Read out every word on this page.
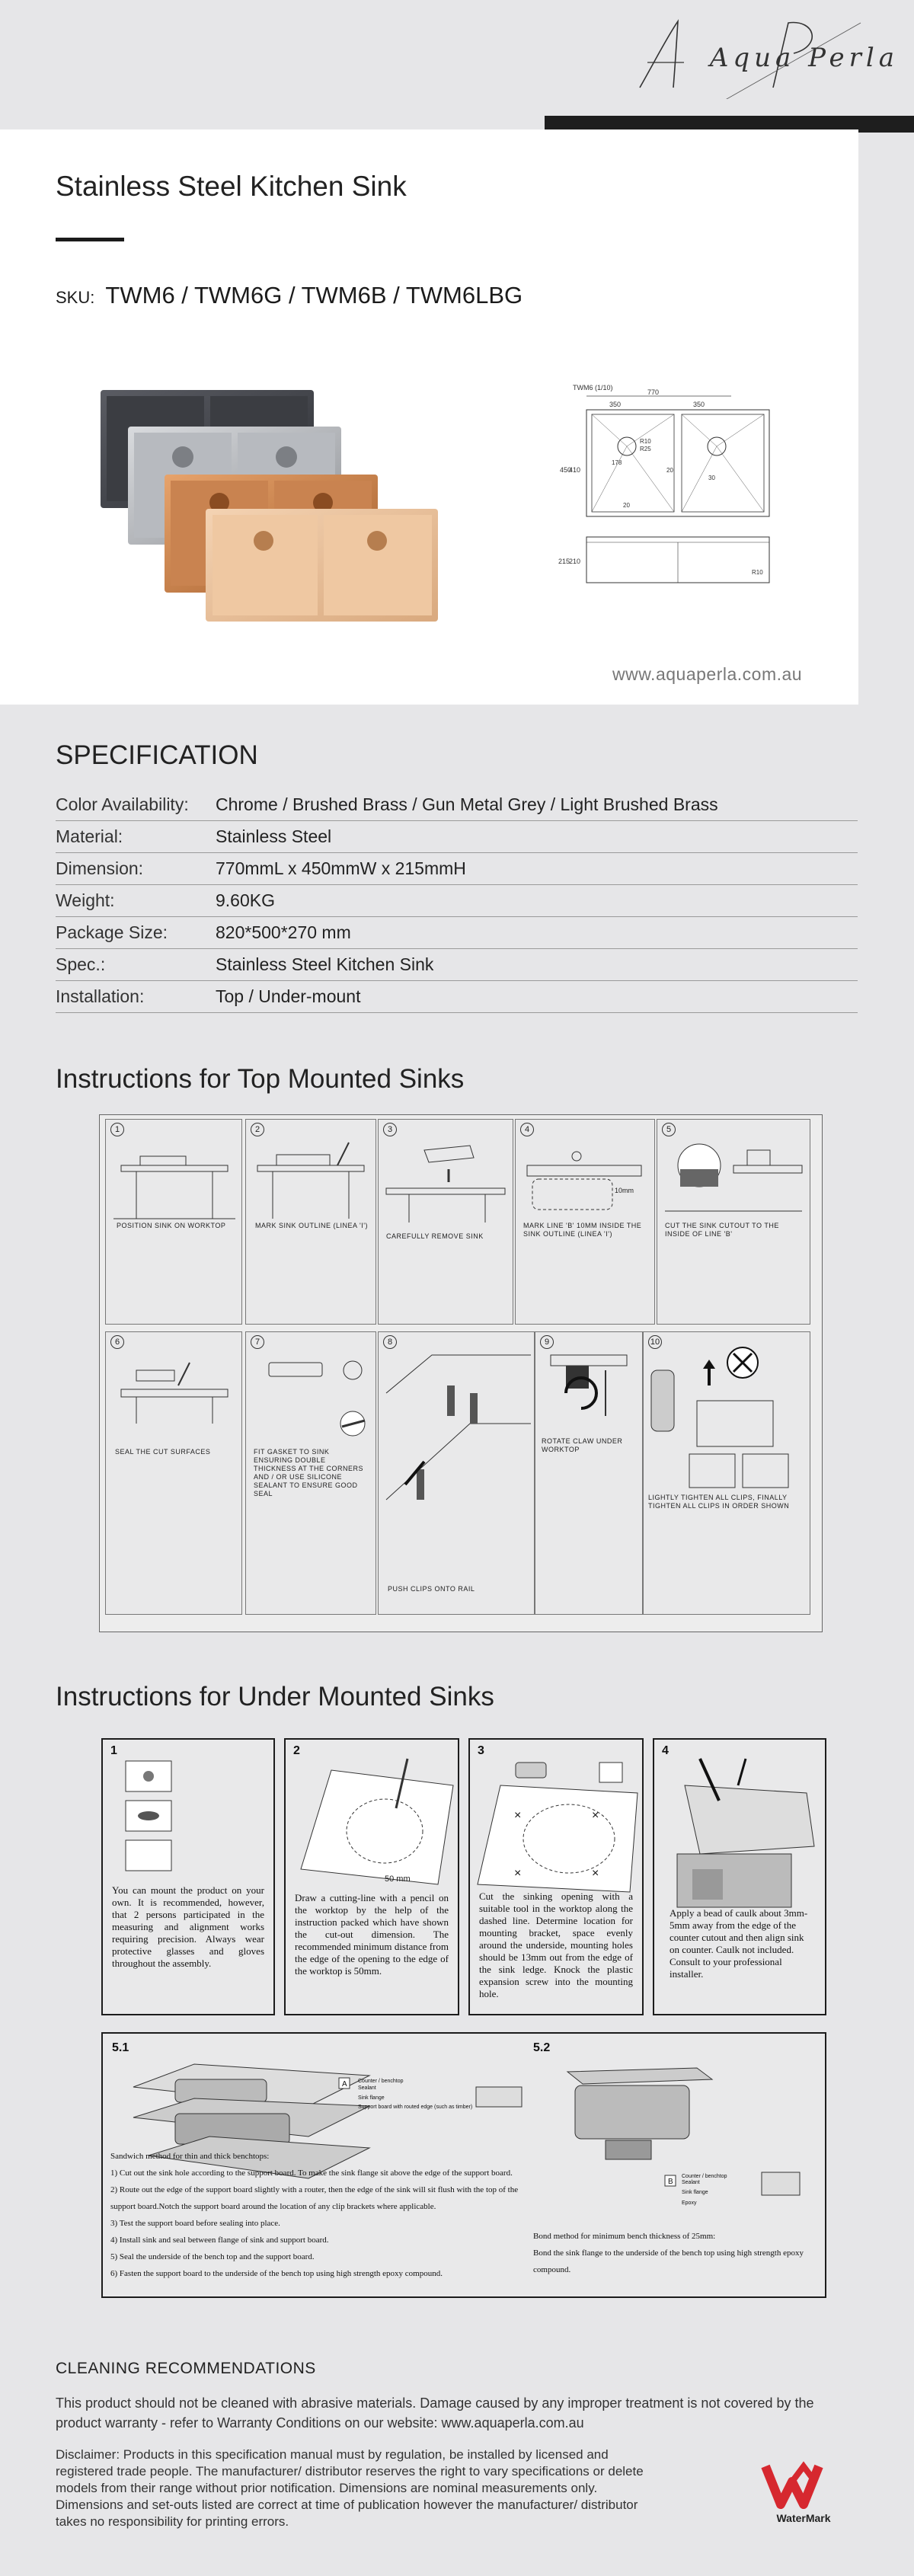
Aqua Perla
Stainless Steel Kitchen Sink
SKU: TWM6 / TWM6G / TWM6B / TWM6LBG
TWM6 (1/10)
770
350	350
450
410
R10
R25
178
20
20
30
215
210
R10
www.aquaperla.com.au
SPECIFICATION
Color Availability:	Chrome / Brushed Brass / Gun Metal Grey / Light Brushed Brass
Material:	Stainless Steel
Dimension:	770mmL x 450mmW x 215mmH
Weight:	9.60KG
Package Size:	820*500*270 mm
Spec.:	Stainless Steel Kitchen Sink
Installation:	Top / Under-mount
Instructions for Top Mounted Sinks
1
POSITION SINK ON WORKTOP
2
MARK SINK OUTLINE (LINEA 'I')
3
CAREFULLY REMOVE SINK
4
10mm
MARK LINE 'B' 10MM INSIDE THE SINK OUTLINE (LINEA 'I')
5
CUT THE SINK CUTOUT TO THE INSIDE OF LINE 'B'
6
SEAL THE CUT SURFACES
7
FIT GASKET TO SINK ENSURING DOUBLE THICKNESS AT THE CORNERS AND / OR USE SILICONE SEALANT TO ENSURE GOOD SEAL
8
PUSH CLIPS ONTO RAIL
9
ROTATE CLAW UNDER WORKTOP
10
LIGHTLY TIGHTEN ALL CLIPS, FINALLY TIGHTEN ALL CLIPS IN ORDER SHOWN
Instructions for Under Mounted Sinks
1
You can mount the product on your own. It is recommended, however, that 2 persons participated in the measuring and alignment works requiring precision. Always wear protective glasses and gloves throughout the assembly.
2
50 mm
Draw a cutting-line with a pencil on the worktop by the help of the instruction packed which have shown the cut-out dimension. The recommended minimum distance from the edge of the opening to the edge of the worktop is 50mm.
3
×	×
×	×
Cut the sinking opening with a suitable tool in the worktop along the dashed line. Determine location for mounting bracket, space evenly around the underside, mounting holes should be 13mm out from the edge of the sink ledge. Knock the plastic expansion screw into the mounting hole.
4
Apply a bead of caulk about 3mm-5mm away from the edge of the counter cutout and then align sink on counter. Caulk not included. Consult to your professional installer.
5.1	5.2
A Counter / benchtop
Sealant
Sink flange
Support board with routed edge (such as timber)
B
Counter / benchtop
Sealant
Sink flange
Epoxy
Sandwich method for thin and thick benchtops:
1) Cut out the sink hole according to the support board. To make the sink flange sit above the edge of the support board.
2) Route out the edge of the support board slightly with a router, then the edge of the sink will sit flush with the top of the support board.Notch the support board around the location of any clip brackets where applicable.
3) Test the support board before sealing into place.
4) Install sink and seal between flange of sink and support board.
5) Seal the underside of the bench top and the support board.
6) Fasten the support board to the underside of the bench top using high strength epoxy compound.
Bond method for minimum bench thickness of 25mm:
Bond the sink flange to the underside of the bench top using high strength epoxy compound.
CLEANING RECOMMENDATIONS
This product should not be cleaned with abrasive materials. Damage caused by any improper treatment is not covered by the product warranty - refer to Warranty Conditions on our website: www.aquaperla.com.au
Disclaimer: Products in this specification manual must by regulation, be installed by licensed and registered trade people. The manufacturer/ distributor reserves the right to vary specifications or delete models from their range without prior notification. Dimensions are nominal measurements only. Dimensions and set-outs listed are correct at time of publication however the manufacturer/ distributor takes no responsibility for printing errors.	WaterMark
